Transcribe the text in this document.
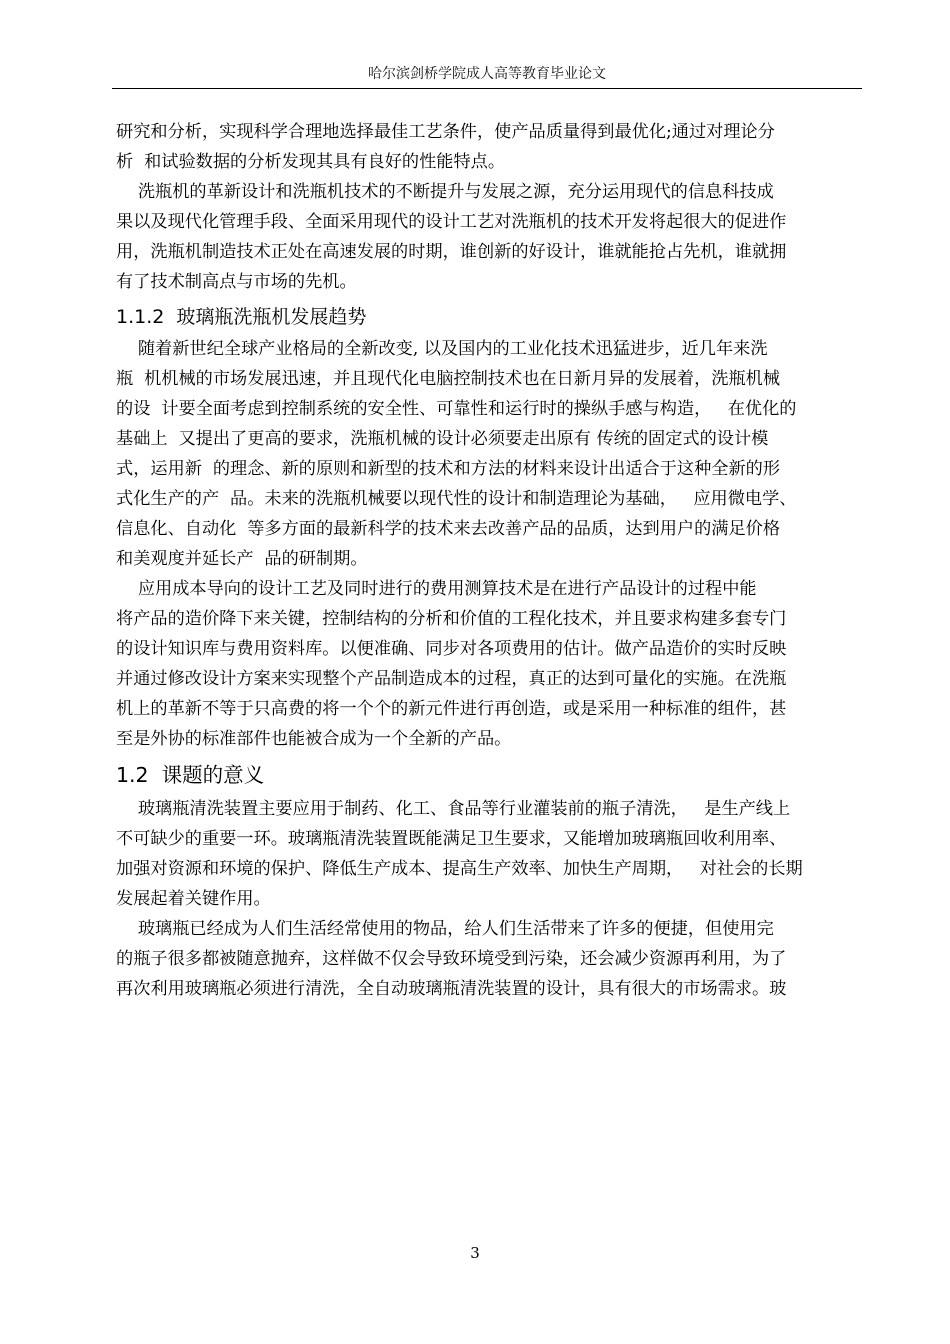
哈尔滨剑桥学院成人高等教育毕业论文
研究和分析，实现科学合理地选择最佳工艺条件，使产品质量得到最优化;通过对理论分
析  和试验数据的分析发现其具有良好的性能特点。
洗瓶机的革新设计和洗瓶机技术的不断提升与发展之源，充分运用现代的信息科技成
果以及现代化管理手段、全面采用现代的设计工艺对洗瓶机的技术开发将起很大的促进作
用，洗瓶机制造技术正处在高速发展的时期，谁创新的好设计，谁就能抢占先机，谁就拥
有了技术制高点与市场的先机。
1.1.2  玻璃瓶洗瓶机发展趋势
随着新世纪全球产业格局的全新改变, 以及国内的工业化技术迅猛进步，近几年来洗
瓶  机机械的市场发展迅速，并且现代化电脑控制技术也在日新月异的发展着，洗瓶机械
的设  计要全面考虑到控制系统的安全性、可靠性和运行时的操纵手感与构造，   在优化的
基础上  又提出了更高的要求，洗瓶机械的设计必须要走出原有 传统的固定式的设计模
式，运用新  的理念、新的原则和新型的技术和方法的材料来设计出适合于这种全新的形
式化生产的产  品。未来的洗瓶机械要以现代性的设计和制造理论为基础，   应用微电学、
信息化、自动化  等多方面的最新科学的技术来去改善产品的品质，达到用户的满足价格
和美观度并延长产  品的研制期。
应用成本导向的设计工艺及同时进行的费用测算技术是在进行产品设计的过程中能
将产品的造价降下来关键，控制结构的分析和价值的工程化技术，并且要求构建多套专门
的设计知识库与费用资料库。以便准确、同步对各项费用的估计。做产品造价的实时反映
并通过修改设计方案来实现整个产品制造成本的过程，真正的达到可量化的实施。在洗瓶
机上的革新不等于只高费的将一个个的新元件进行再创造，或是采用一种标准的组件，甚
至是外协的标准部件也能被合成为一个全新的产品。
1.2  课题的意义
玻璃瓶清洗装置主要应用于制药、化工、食品等行业灌装前的瓶子清洗，   是生产线上
不可缺少的重要一环。玻璃瓶清洗装置既能满足卫生要求，又能增加玻璃瓶回收利用率、
加强对资源和环境的保护、降低生产成本、提高生产效率、加快生产周期，   对社会的长期
发展起着关键作用。
玻璃瓶已经成为人们生活经常使用的物品，给人们生活带来了许多的便捷，但使用完
的瓶子很多都被随意抛弃，这样做不仅会导致环境受到污染，还会减少资源再利用，为了
再次利用玻璃瓶必须进行清洗，全自动玻璃瓶清洗装置的设计，具有很大的市场需求。玻
3
